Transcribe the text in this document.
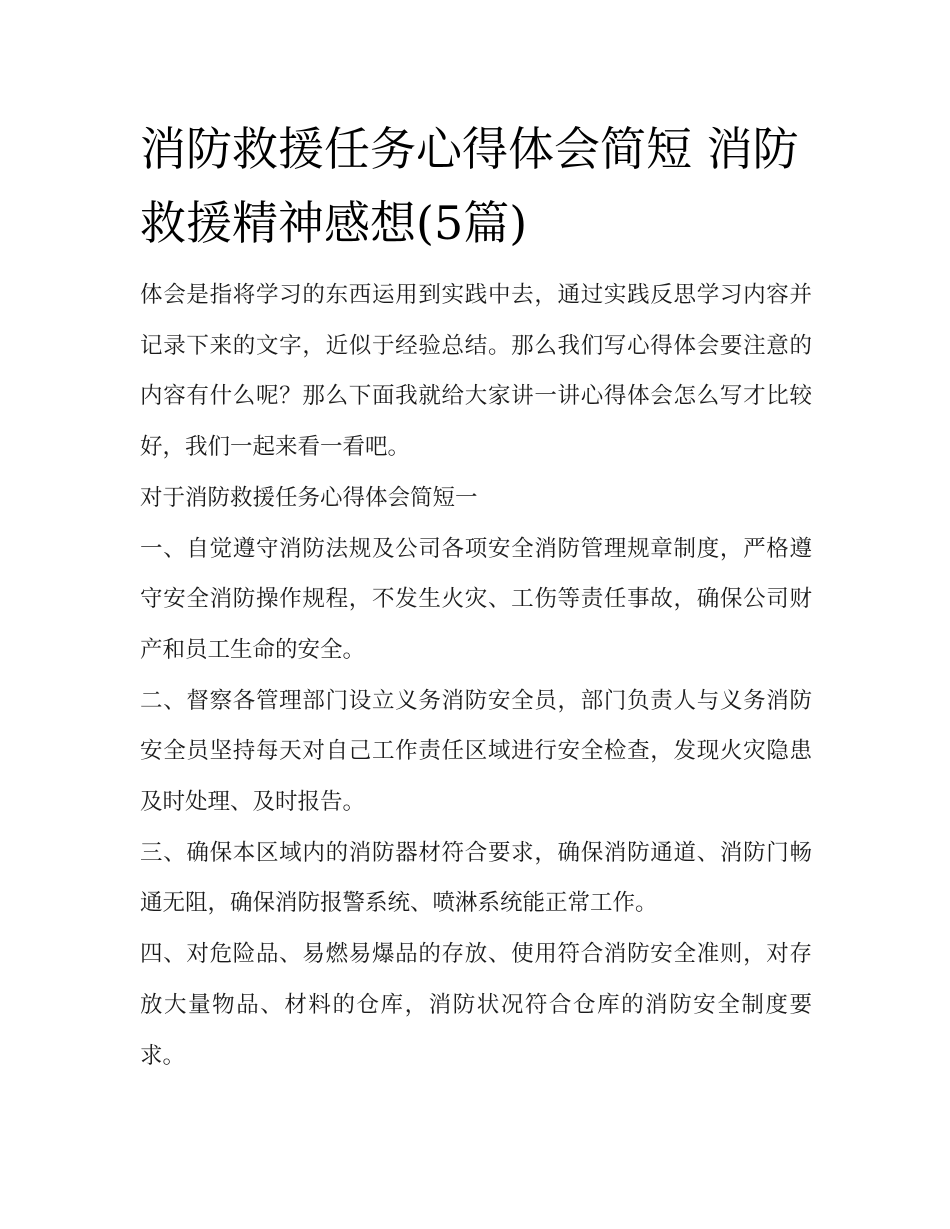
消防救援任务心得体会简短 消防救援精神感想(5篇)

体会是指将学习的东西运用到实践中去，通过实践反思学习内容并记录下来的文字，近似于经验总结。那么我们写心得体会要注意的内容有什么呢？那么下面我就给大家讲一讲心得体会怎么写才比较好，我们一起来看一看吧。

对于消防救援任务心得体会简短一

一、自觉遵守消防法规及公司各项安全消防管理规章制度，严格遵守安全消防操作规程，不发生火灾、工伤等责任事故，确保公司财产和员工生命的安全。

二、督察各管理部门设立义务消防安全员，部门负责人与义务消防安全员坚持每天对自己工作责任区域进行安全检查，发现火灾隐患及时处理、及时报告。

三、确保本区域内的消防器材符合要求，确保消防通道、消防门畅通无阻，确保消防报警系统、喷淋系统能正常工作。

四、对危险品、易燃易爆品的存放、使用符合消防安全准则，对存放大量物品、材料的仓库，消防状况符合仓库的消防安全制度要求。
